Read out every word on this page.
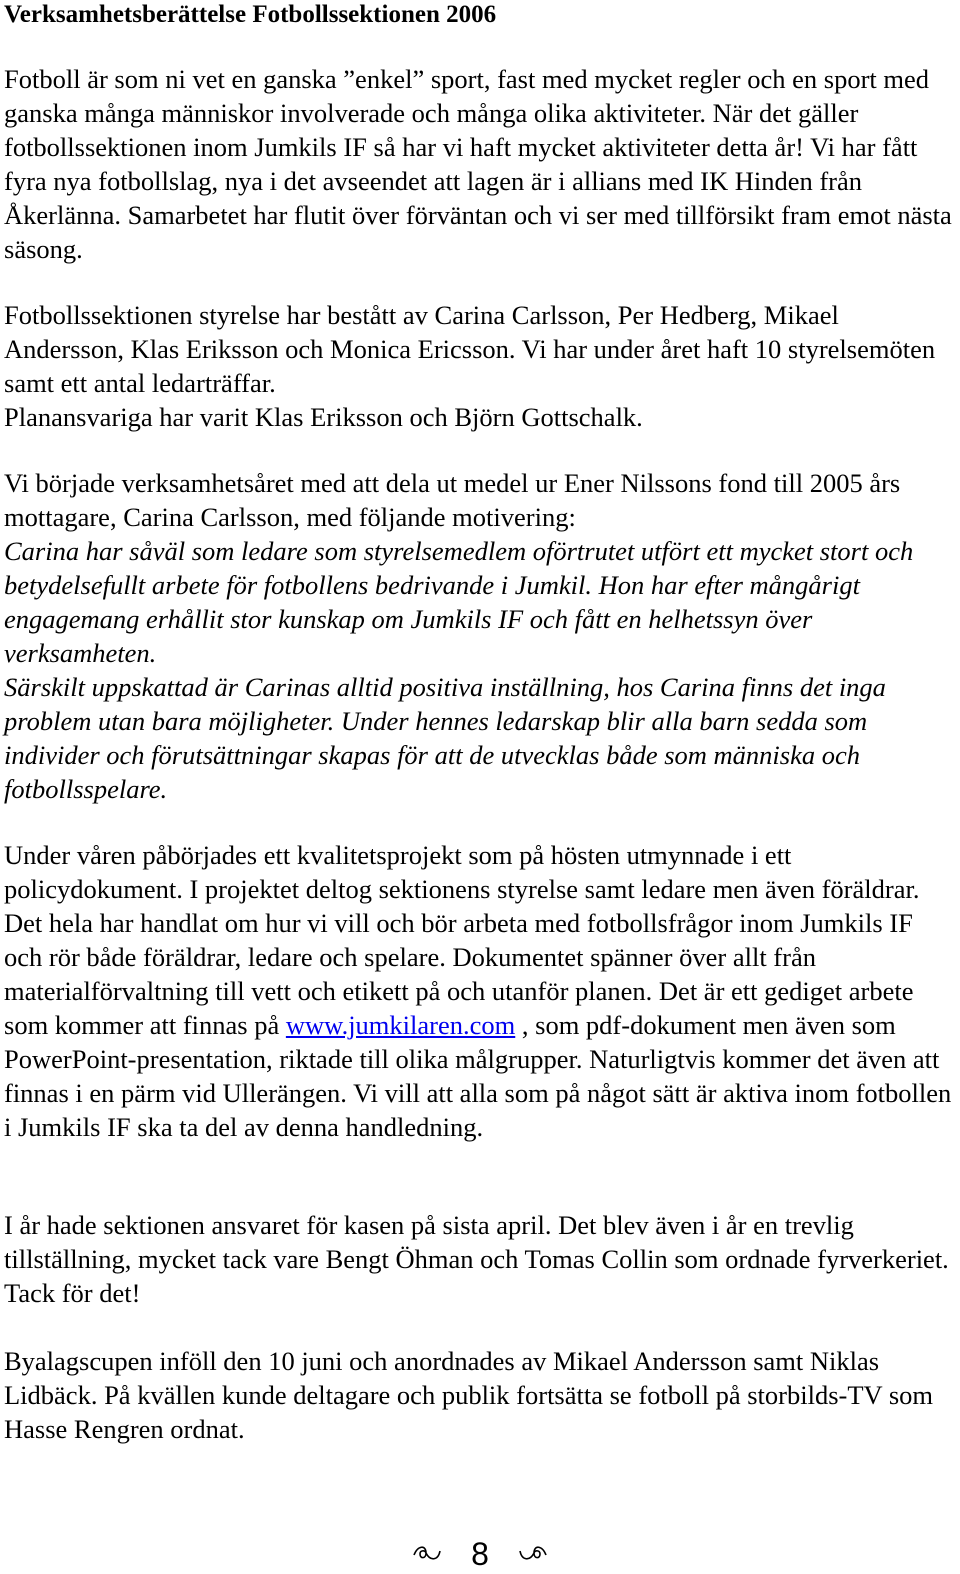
Verksamhetsberättelse Fotbollssektionen 2006

Fotboll är som ni vet en ganska ”enkel” sport, fast med mycket regler och en sport med ganska många människor involverade och många olika aktiviteter. När det gäller fotbollssektionen inom Jumkils IF så har vi haft mycket aktiviteter detta år! Vi har fått fyra nya fotbollslag, nya i det avseendet att lagen är i allians med IK Hinden från Åkerlänna. Samarbetet har flutit över förväntan och vi ser med tillförsikt fram emot nästa säsong.

Fotbollssektionen styrelse har bestått av Carina Carlsson, Per Hedberg, Mikael Andersson, Klas Eriksson och Monica Ericsson. Vi har under året haft 10 styrelsemöten samt ett antal ledarträffar.
Planansvariga har varit Klas Eriksson och Björn Gottschalk.
Vi började verksamhetsåret med att dela ut medel ur Ener Nilssons fond till 2005 års mottagare, Carina Carlsson, med följande motivering:
Carina har såväl som ledare som styrelsemedlem oförtrutet utfört ett mycket stort och betydelsefullt arbete för fotbollens bedrivande i Jumkil. Hon har efter mångårigt engagemang erhållit stor kunskap om Jumkils IF och fått en helhetssyn över verksamheten.
Särskilt uppskattad är Carinas alltid positiva inställning, hos Carina finns det inga problem utan bara möjligheter. Under hennes ledarskap blir alla barn sedda som individer och förutsättningar skapas för att de utvecklas både som människa och fotbollsspelare.

Under våren påbörjades ett kvalitetsprojekt som på hösten utmynnade i ett policydokument. I projektet deltog sektionens styrelse samt ledare men även föräldrar. Det hela har handlat om hur vi vill och bör arbeta med fotbollsfrågor inom Jumkils IF och rör både föräldrar, ledare och spelare. Dokumentet spänner över allt från materialförvaltning till vett och etikett på och utanför planen. Det är ett gediget arbete som kommer att finnas på www.jumkilaren.com , som pdf-dokument men även som PowerPoint-presentation, riktade till olika målgrupper. Naturligtvis kommer det även att finnas i en pärm vid Ullerängen. Vi vill att alla som på något sätt är aktiva inom fotbollen i Jumkils IF ska ta del av denna handledning.

I år hade sektionen ansvaret för kasen på sista april. Det blev även i år en trevlig tillställning, mycket tack vare Bengt Öhman och Tomas Collin som ordnade fyrverkeriet. Tack för det!

Byalagscupen inföll den 10 juni och anordnades av Mikael Andersson samt Niklas Lidbäck. På kvällen kunde deltagare och publik fortsätta se fotboll på storbilds-TV som Hasse Rengren ordnat.

8
